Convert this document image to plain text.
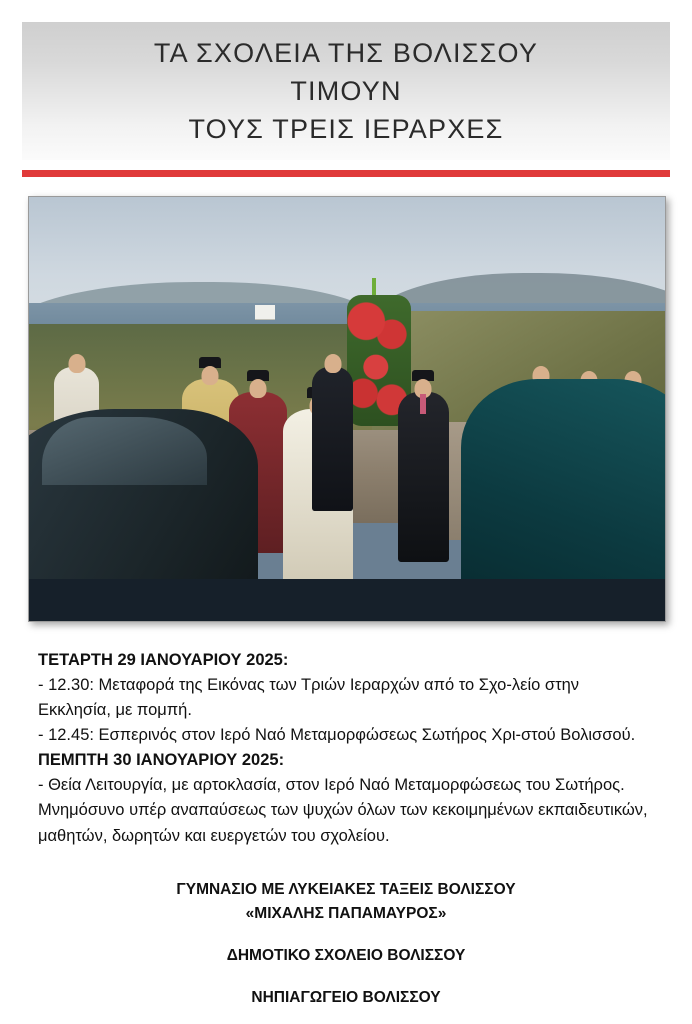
ΤΑ ΣΧΟΛΕΙΑ ΤΗΣ ΒΟΛΙΣΣΟΥ
ΤΙΜΟΥΝ
ΤΟΥΣ ΤΡΕΙΣ ΙΕΡΑΡΧΕΣ

ΤΕΤΑΡΤΗ 29 ΙΑΝΟΥΑΡΙΟΥ 2025:

- 12.30: Μεταφορά της Εικόνας των Τριών Ιεραρχών από το Σχο-λείο στην Εκκλησία, με πομπή.

- 12.45: Εσπερινός στον Ιερό Ναό Μεταμορφώσεως Σωτήρος Χρι-στού Βολισσού.

ΠΕΜΠΤΗ 30 ΙΑΝΟΥΑΡΙΟΥ 2025:

- Θεία Λειτουργία, με αρτοκλασία, στον Ιερό Ναό Μεταμορφώσεως του Σωτήρος. Μνημόσυνο υπέρ αναπαύσεως των ψυχών όλων των κεκοιμημένων εκπαιδευτικών, μαθητών, δωρητών και ευεργετών του σχολείου.

ΓΥΜΝΑΣΙΟ ΜΕ ΛΥΚΕΙΑΚΕΣ ΤΑΞΕΙΣ ΒΟΛΙΣΣΟΥ
«ΜΙΧΑΛΗΣ ΠΑΠΑΜΑΥΡΟΣ»
ΔΗΜΟΤΙΚΟ ΣΧΟΛΕΙΟ ΒΟΛΙΣΣΟΥ
ΝΗΠΙΑΓΩΓΕΙΟ ΒΟΛΙΣΣΟΥ
